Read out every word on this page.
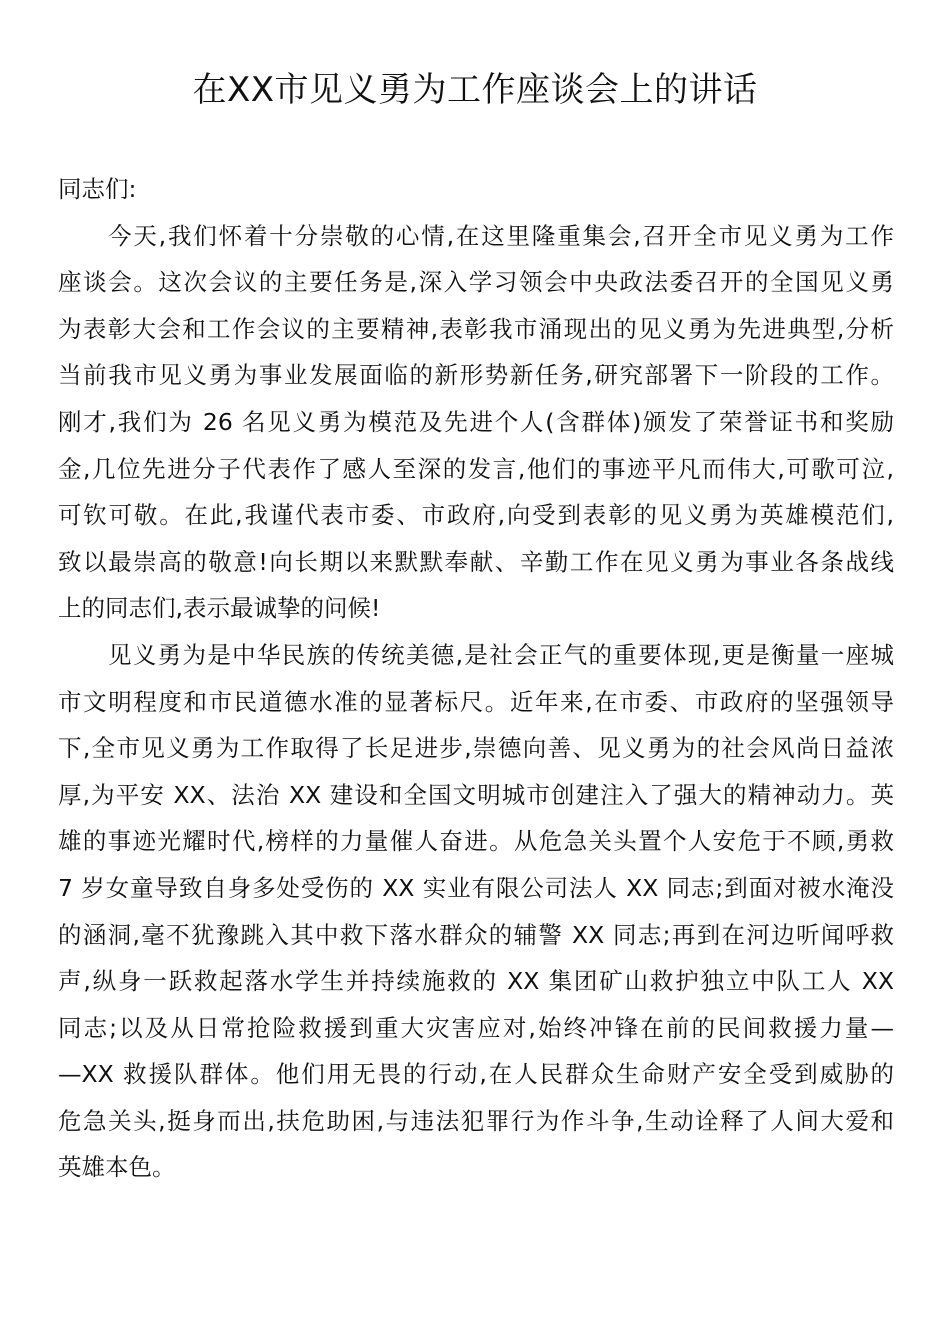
在XX市见义勇为工作座谈会上的讲话
同志们:
今天,我们怀着十分崇敬的心情,在这里隆重集会,召开全市见义勇为工作
座谈会。这次会议的主要任务是,深入学习领会中央政法委召开的全国见义勇
为表彰大会和工作会议的主要精神,表彰我市涌现出的见义勇为先进典型,分析
当前我市见义勇为事业发展面临的新形势新任务,研究部署下一阶段的工作。
刚才,我们为 26 名见义勇为模范及先进个人(含群体)颁发了荣誉证书和奖励
金,几位先进分子代表作了感人至深的发言,他们的事迹平凡而伟大,可歌可泣,
可钦可敬。在此,我谨代表市委、市政府,向受到表彰的见义勇为英雄模范们,
致以最崇高的敬意!向长期以来默默奉献、辛勤工作在见义勇为事业各条战线
上的同志们,表示最诚挚的问候!
见义勇为是中华民族的传统美德,是社会正气的重要体现,更是衡量一座城
市文明程度和市民道德水准的显著标尺。近年来,在市委、市政府的坚强领导
下,全市见义勇为工作取得了长足进步,崇德向善、见义勇为的社会风尚日益浓
厚,为平安 XX、法治 XX 建设和全国文明城市创建注入了强大的精神动力。英
雄的事迹光耀时代,榜样的力量催人奋进。从危急关头置个人安危于不顾,勇救
7 岁女童导致自身多处受伤的 XX 实业有限公司法人 XX 同志;到面对被水淹没
的涵洞,毫不犹豫跳入其中救下落水群众的辅警 XX 同志;再到在河边听闻呼救
声,纵身一跃救起落水学生并持续施救的 XX 集团矿山救护独立中队工人 XX
同志;以及从日常抢险救援到重大灾害应对,始终冲锋在前的民间救援力量—
—XX 救援队群体。他们用无畏的行动,在人民群众生命财产安全受到威胁的
危急关头,挺身而出,扶危助困,与违法犯罪行为作斗争,生动诠释了人间大爱和
英雄本色。
